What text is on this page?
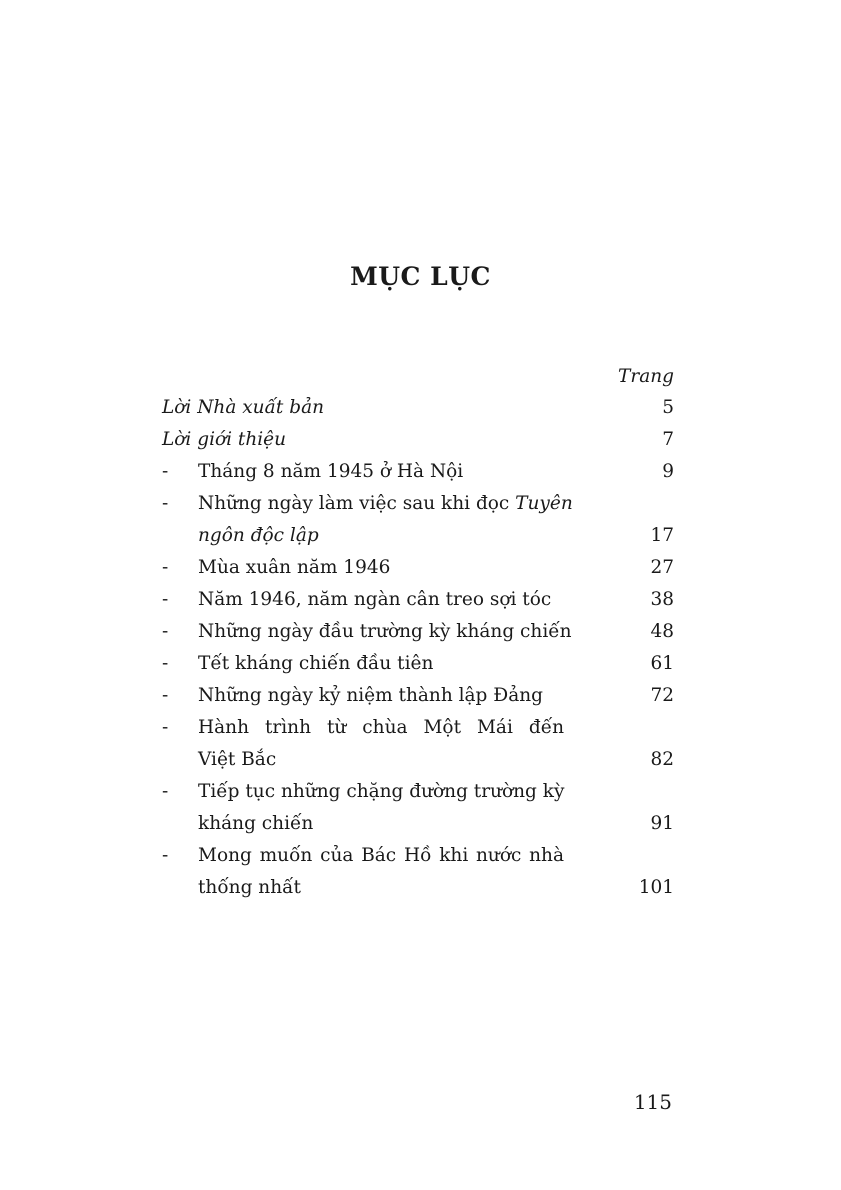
MỤC LỤC
Trang
Lời Nhà xuất bản	5
Lời giới thiệu	7
- Tháng 8 năm 1945 ở Hà Nội	9
- Những ngày làm việc sau khi đọc Tuyên
ngôn độc lập	17
- Mùa xuân năm 1946	27
- Năm 1946, năm ngàn cân treo sợi tóc	38
- Những ngày đầu trường kỳ kháng chiến	48
- Tết kháng chiến đầu tiên	61
- Những ngày kỷ niệm thành lập Đảng	72
- Hành trình từ chùa Một Mái đến
Việt Bắc	82
- Tiếp tục những chặng đường trường kỳ
kháng chiến	91
- Mong muốn của Bác Hồ khi nước nhà
thống nhất	101
115
